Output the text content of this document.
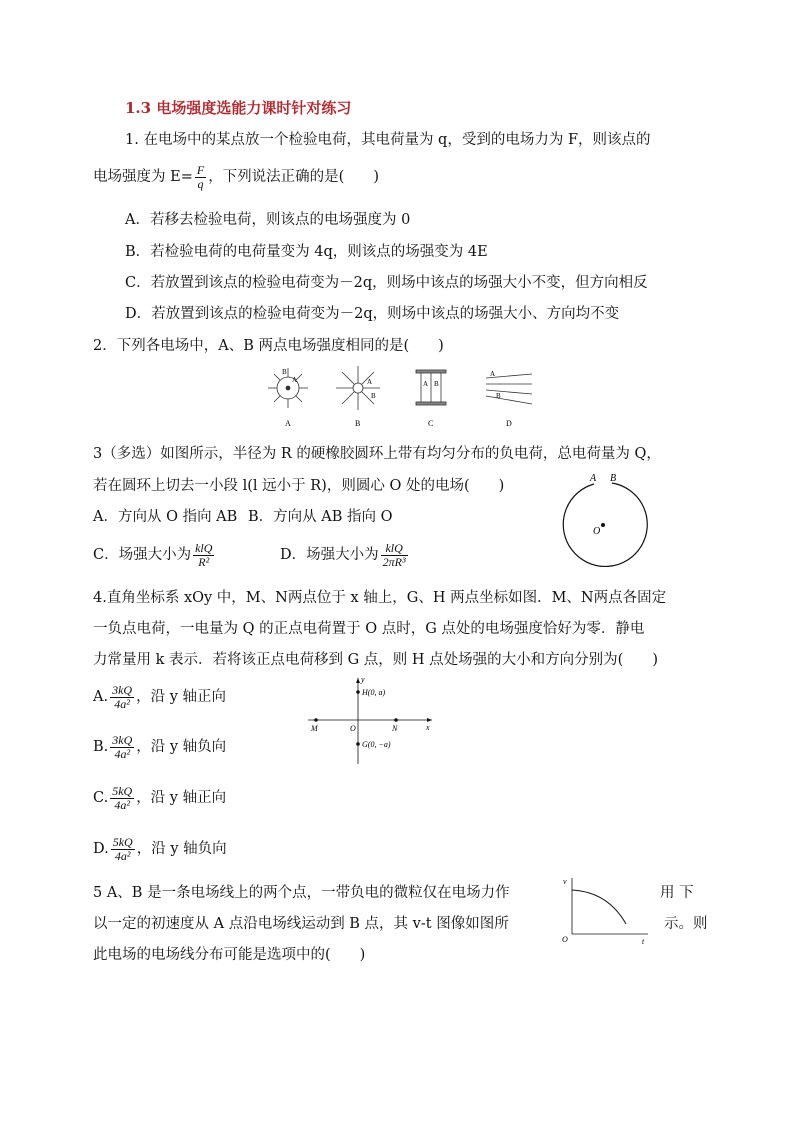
1.3 电场强度选能力课时针对练习
1. 在电场中的某点放一个检验电荷，其电荷量为 q，受到的电场力为 F，则该点的
电场强度为 $E= \frac{F}{q}$ ，下列说法正确的是(　　)
A．若移去检验电荷，则该点的电场强度为 0
B．若检验电荷的电荷量变为 4q，则该点的场强变为 4E
C．若放置到该点的检验电荷变为－2q，则场中该点的场强大小不变，但方向相反
D．若放置到该点的检验电荷变为－2q，则场中该点的场强大小、方向均不变
2．下列各电场中，A、B 两点电场强度相同的是(　　)
B
A	A
B
A B
A
B
A	B	C	D
3（多选）如图所示，半径为 R 的硬橡胶圆环上带有均匀分布的负电荷，总电荷量为 Q，
若在圆环上切去一小段 l(l 远小于 R)，则圆心 O 处的电场(　　)
A．方向从 O 指向 AB B．方向从 AB 指向 O
C．场强大小为 $\frac{\text{klQ}}{\text{R²}}$	D．场强大小为 $\frac{\text{klQ}}{\text{2πR³}}$
A B
O
4.直角坐标系 xOy 中，M、N两点位于 x 轴上，G、H 两点坐标如图．M、N两点各固定
一负点电荷，一电量为 Q 的正点电荷置于 O 点时，G 点处的电场强度恰好为零．静电
力常量用 k 表示．若将该正点电荷移到 G 点，则 H 点处场强的大小和方向分别为(　　)
A. $\frac{3kQ}{\text{4a²}}$ ，沿 y 轴正向
B. $\frac{3kQ}{\text{4a²}}$ ，沿 y 轴负向
C. $\frac{5kQ}{\text{4a²}}$ ，沿 y 轴正向
D. $\frac{5kQ}{\text{4a²}}$ ，沿 y 轴负向
y
x
H(0, a)
G(0, −a)
M	N
O
5 A、B 是一条电场线上的两个点，一带负电的微粒仅在电场力作	用 下
以一定的初速度从 A 点沿电场线运动到 B 点，其 v-t 图像如图所	示。则
此电场的电场线分布可能是选项中的(　　)
v
t
O
